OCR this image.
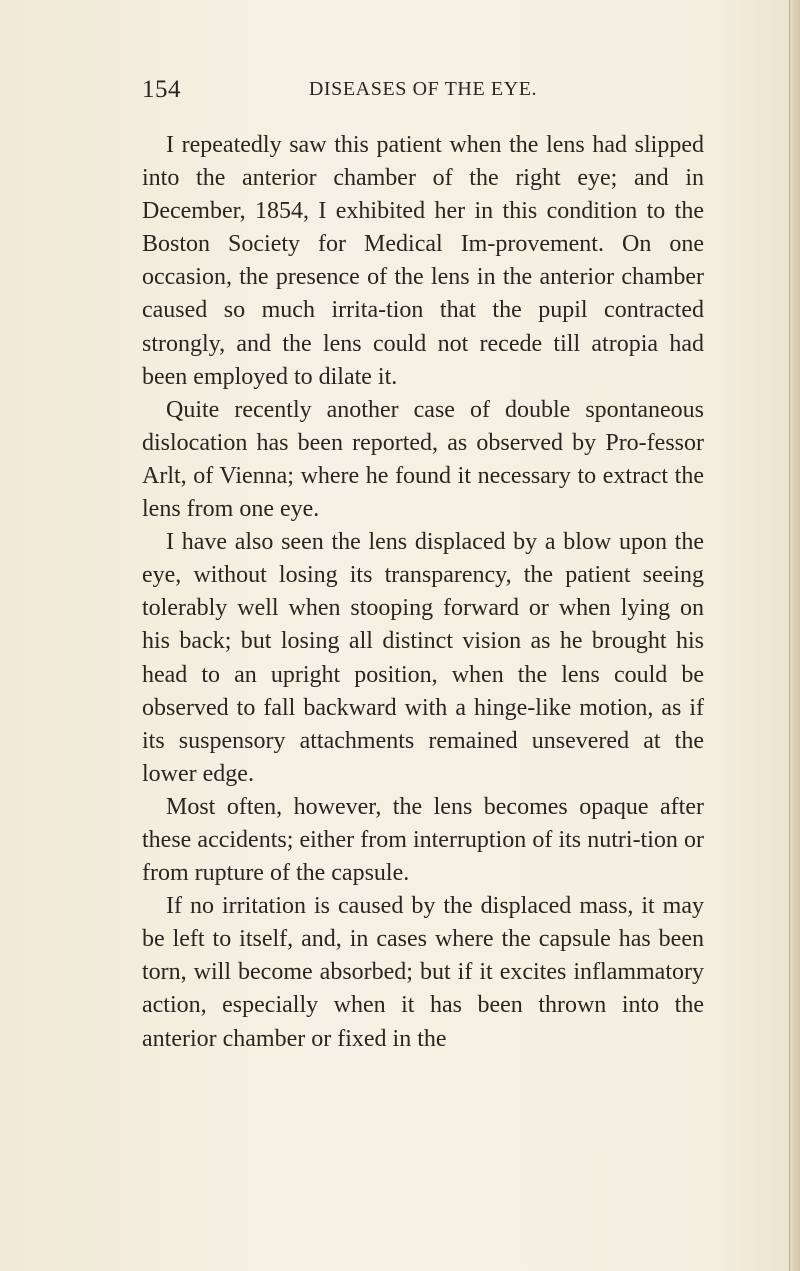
154	DISEASES OF THE EYE.

I repeatedly saw this patient when the lens had slipped into the anterior chamber of the right eye; and in December, 1854, I exhibited her in this condition to the Boston Society for Medical Im-provement. On one occasion, the presence of the lens in the anterior chamber caused so much irrita-tion that the pupil contracted strongly, and the lens could not recede till atropia had been employed to dilate it.

Quite recently another case of double spontaneous dislocation has been reported, as observed by Pro-fessor Arlt, of Vienna; where he found it necessary to extract the lens from one eye.

I have also seen the lens displaced by a blow upon the eye, without losing its transparency, the patient seeing tolerably well when stooping forward or when lying on his back; but losing all distinct vision as he brought his head to an upright position, when the lens could be observed to fall backward with a hinge-like motion, as if its suspensory attachments remained unsevered at the lower edge.

Most often, however, the lens becomes opaque after these accidents; either from interruption of its nutri-tion or from rupture of the capsule.

If no irritation is caused by the displaced mass, it may be left to itself, and, in cases where the capsule has been torn, will become absorbed; but if it excites inflammatory action, especially when it has been thrown into the anterior chamber or fixed in the
